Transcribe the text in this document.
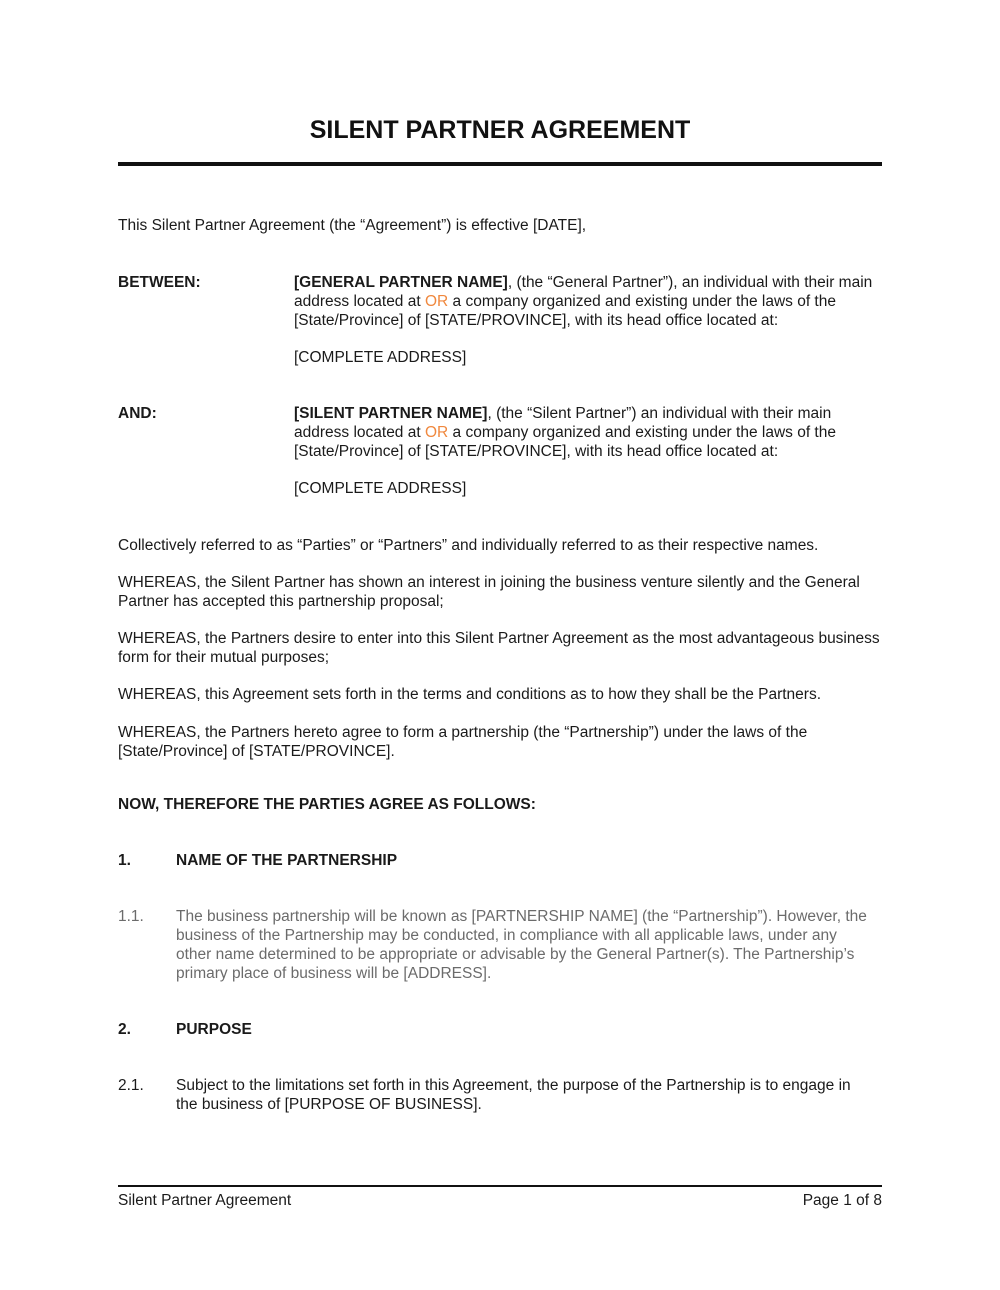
SILENT PARTNER AGREEMENT
This Silent Partner Agreement (the “Agreement”) is effective [DATE],
BETWEEN:	[GENERAL PARTNER NAME], (the “General Partner”), an individual with their main address located at OR a company organized and existing under the laws of the [State/Province] of [STATE/PROVINCE], with its head office located at:
[COMPLETE ADDRESS]
AND:	[SILENT PARTNER NAME], (the “Silent Partner”) an individual with their main address located at OR a company organized and existing under the laws of the [State/Province] of [STATE/PROVINCE], with its head office located at:
[COMPLETE ADDRESS]
Collectively referred to as “Parties” or “Partners” and individually referred to as their respective names.
WHEREAS, the Silent Partner has shown an interest in joining the business venture silently and the General Partner has accepted this partnership proposal;
WHEREAS, the Partners desire to enter into this Silent Partner Agreement as the most advantageous business form for their mutual purposes;
WHEREAS, this Agreement sets forth in the terms and conditions as to how they shall be the Partners.
WHEREAS, the Partners hereto agree to form a partnership (the “Partnership”) under the laws of the [State/Province] of [STATE/PROVINCE].
NOW, THEREFORE THE PARTIES AGREE AS FOLLOWS:
1.	NAME OF THE PARTNERSHIP
1.1.	The business partnership will be known as [PARTNERSHIP NAME] (the “Partnership”). However, the business of the Partnership may be conducted, in compliance with all applicable laws, under any other name determined to be appropriate or advisable by the General Partner(s). The Partnership’s primary place of business will be [ADDRESS].
2.	PURPOSE
2.1.	Subject to the limitations set forth in this Agreement, the purpose of the Partnership is to engage in the business of [PURPOSE OF BUSINESS].
Silent Partner Agreement	Page 1 of 8
